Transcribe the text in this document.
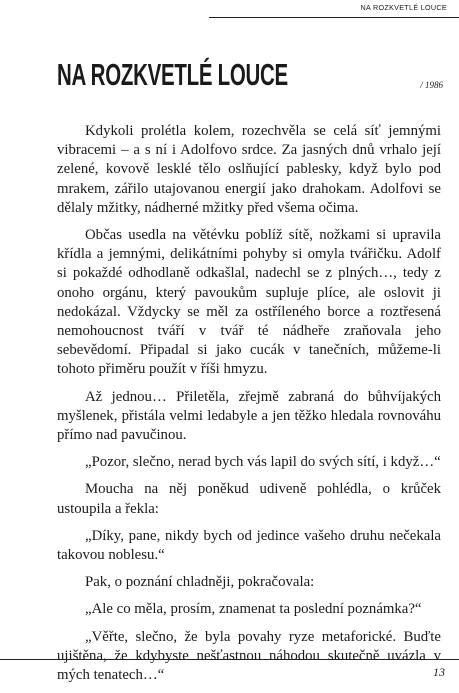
NA ROZKVETLÉ LOUCE
NA ROZKVETLÉ LOUCE	/ 1986

Kdykoli prolétla kolem, rozechvěla se celá síť jemnými vibracemi – a s ní i Adolfovo srdce. Za jasných dnů vrhalo její zelené, kovově lesklé tělo oslňující pablesky, když bylo pod mrakem, zářilo utajovanou energií jako drahokam. Adolfovi se dělaly mžitky, nádherné mžitky před všema očima.

Občas usedla na větévku poblíž sítě, nožkami si upravila křídla a jemnými, delikátními pohyby si omyla tvářičku. Adolf si pokaždé odhodlaně odkašlal, nadechl se z plných…, tedy z onoho orgánu, který pavoukům supluje plíce, ale oslovit ji nedokázal. Vždycky se měl za ostříleného borce a roztřesená nemohoucnost tváří v tvář té nádheře zraňovala jeho sebevědomí. Připadal si jako cucák v tanečních, můžeme-li tohoto přiměru použít v říši hmyzu.

Až jednou… Přiletěla, zřejmě zabraná do bůhvíjakých myšlenek, přistála velmi ledabyle a jen těžko hledala rovnováhu přímo nad pavučinou.

„Pozor, slečno, nerad bych vás lapil do svých sítí, i když…“

Moucha na něj poněkud udiveně pohlédla, o krůček ustoupila a řekla:

„Díky, pane, nikdy bych od jedince vašeho druhu nečekala takovou noblesu.“

Pak, o poznání chladněji, pokračovala:

„Ale co měla, prosím, znamenat ta poslední poznámka?“

„Věřte, slečno, že byla povahy ryze metaforické. Buďte ujištěna, že kdybyste nešťastnou náhodou skutečně uvázla v mých tenatech…“	13
